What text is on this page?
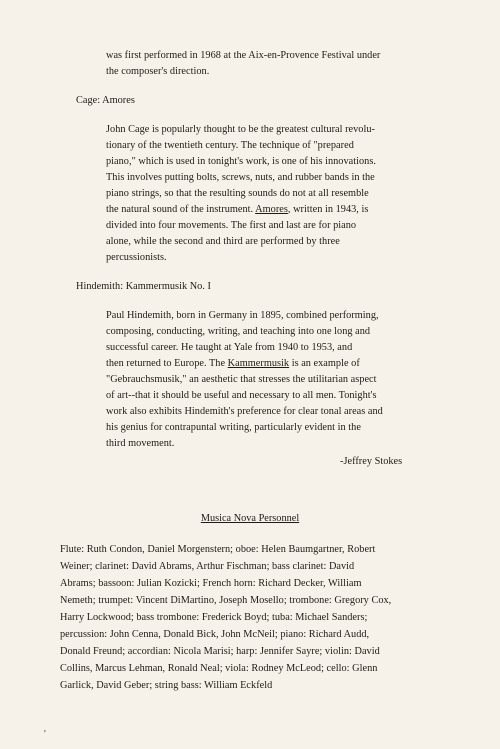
was first performed in 1968 at the Aix-en-Provence Festival under
the composer's direction.
Cage: Amores
John Cage is popularly thought to be the greatest cultural revolu-
tionary of the twentieth century. The technique of "prepared
piano," which is used in tonight's work, is one of his innovations.
This involves putting bolts, screws, nuts, and rubber bands in the
piano strings, so that the resulting sounds do not at all resemble
the natural sound of the instrument. Amores, written in 1943, is
divided into four movements. The first and last are for piano
alone, while the second and third are performed by three
percussionists.
Hindemith: Kammermusik No. I
Paul Hindemith, born in Germany in 1895, combined performing,
composing, conducting, writing, and teaching into one long and
successful career. He taught at Yale from 1940 to 1953, and
then returned to Europe. The Kammermusik is an example of
"Gebrauchsmusik," an aesthetic that stresses the utilitarian aspect
of art--that it should be useful and necessary to all men. Tonight's
work also exhibits Hindemith's preference for clear tonal areas and
his genius for contrapuntal writing, particularly evident in the
third movement.
-Jeffrey Stokes
Musica Nova Personnel
Flute: Ruth Condon, Daniel Morgenstern; oboe: Helen Baumgartner, Robert
Weiner; clarinet: David Abrams, Arthur Fischman; bass clarinet: David
Abrams; bassoon: Julian Kozicki; French horn: Richard Decker, William
Nemeth; trumpet: Vincent DiMartino, Joseph Mosello; trombone: Gregory Cox,
Harry Lockwood; bass trombone: Frederick Boyd; tuba: Michael Sanders;
percussion: John Cenna, Donald Bick, John McNeil; piano: Richard Audd,
Donald Freund; accordian: Nicola Marisi; harp: Jennifer Sayre; violin: David
Collins, Marcus Lehman, Ronald Neal; viola: Rodney McLeod; cello: Glenn
Garlick, David Geber; string bass: William Eckfeld
'
